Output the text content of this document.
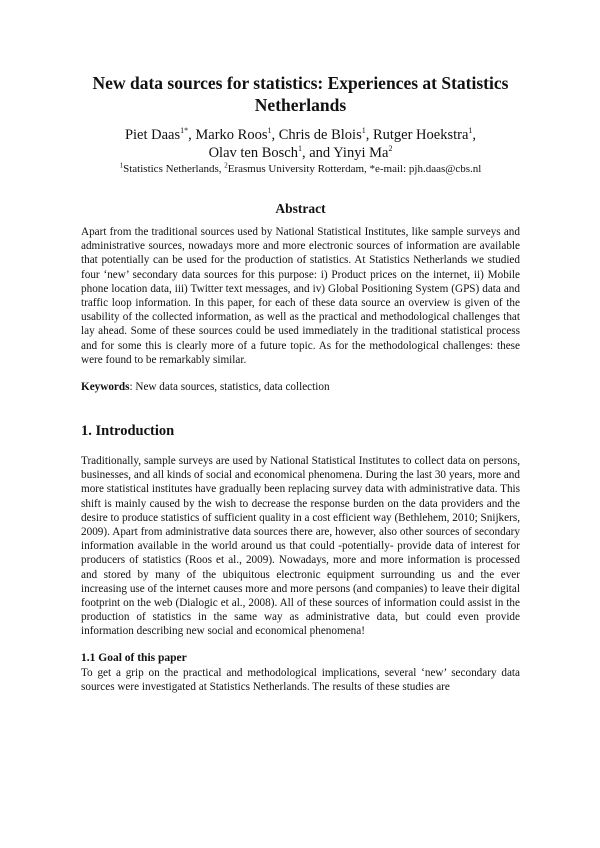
New data sources for statistics: Experiences at Statistics Netherlands
Piet Daas$^{1*}$, Marko Roos$^1$, Chris de Blois$^1$, Rutger Hoekstra$^1$,
Olav ten Bosch$^1$, and Yinyi Ma$^2$
$^1$Statistics Netherlands, $^2$Erasmus University Rotterdam, *e-mail: pjh.daas@cbs.nl
Abstract
Apart from the traditional sources used by National Statistical Institutes, like sample surveys and administrative sources, nowadays more and more electronic sources of information are available that potentially can be used for the production of statistics. At Statistics Netherlands we studied four ‘new’ secondary data sources for this purpose: i) Product prices on the internet, ii) Mobile phone location data, iii) Twitter text messages, and iv) Global Positioning System (GPS) data and traffic loop information. In this paper, for each of these data source an overview is given of the usability of the collected information, as well as the practical and methodological challenges that lay ahead. Some of these sources could be used immediately in the traditional statistical process and for some this is clearly more of a future topic. As for the methodological challenges: these were found to be remarkably similar.
Keywords: New data sources, statistics, data collection
1. Introduction
Traditionally, sample surveys are used by National Statistical Institutes to collect data on persons, businesses, and all kinds of social and economical phenomena. During the last 30 years, more and more statistical institutes have gradually been replacing survey data with administrative data. This shift is mainly caused by the wish to decrease the response burden on the data providers and the desire to produce statistics of sufficient quality in a cost efficient way (Bethlehem, 2010; Snijkers, 2009). Apart from administrative data sources there are, however, also other sources of secondary information available in the world around us that could -potentially- provide data of interest for producers of statistics (Roos et al., 2009). Nowadays, more and more information is processed and stored by many of the ubiquitous electronic equipment surrounding us and the ever increasing use of the internet causes more and more persons (and companies) to leave their digital footprint on the web (Dialogic et al., 2008). All of these sources of information could assist in the production of statistics in the same way as administrative data, but could even provide information describing new social and economical phenomena!
1.1 Goal of this paper
To get a grip on the practical and methodological implications, several ‘new’ secondary data sources were investigated at Statistics Netherlands. The results of these studies are
